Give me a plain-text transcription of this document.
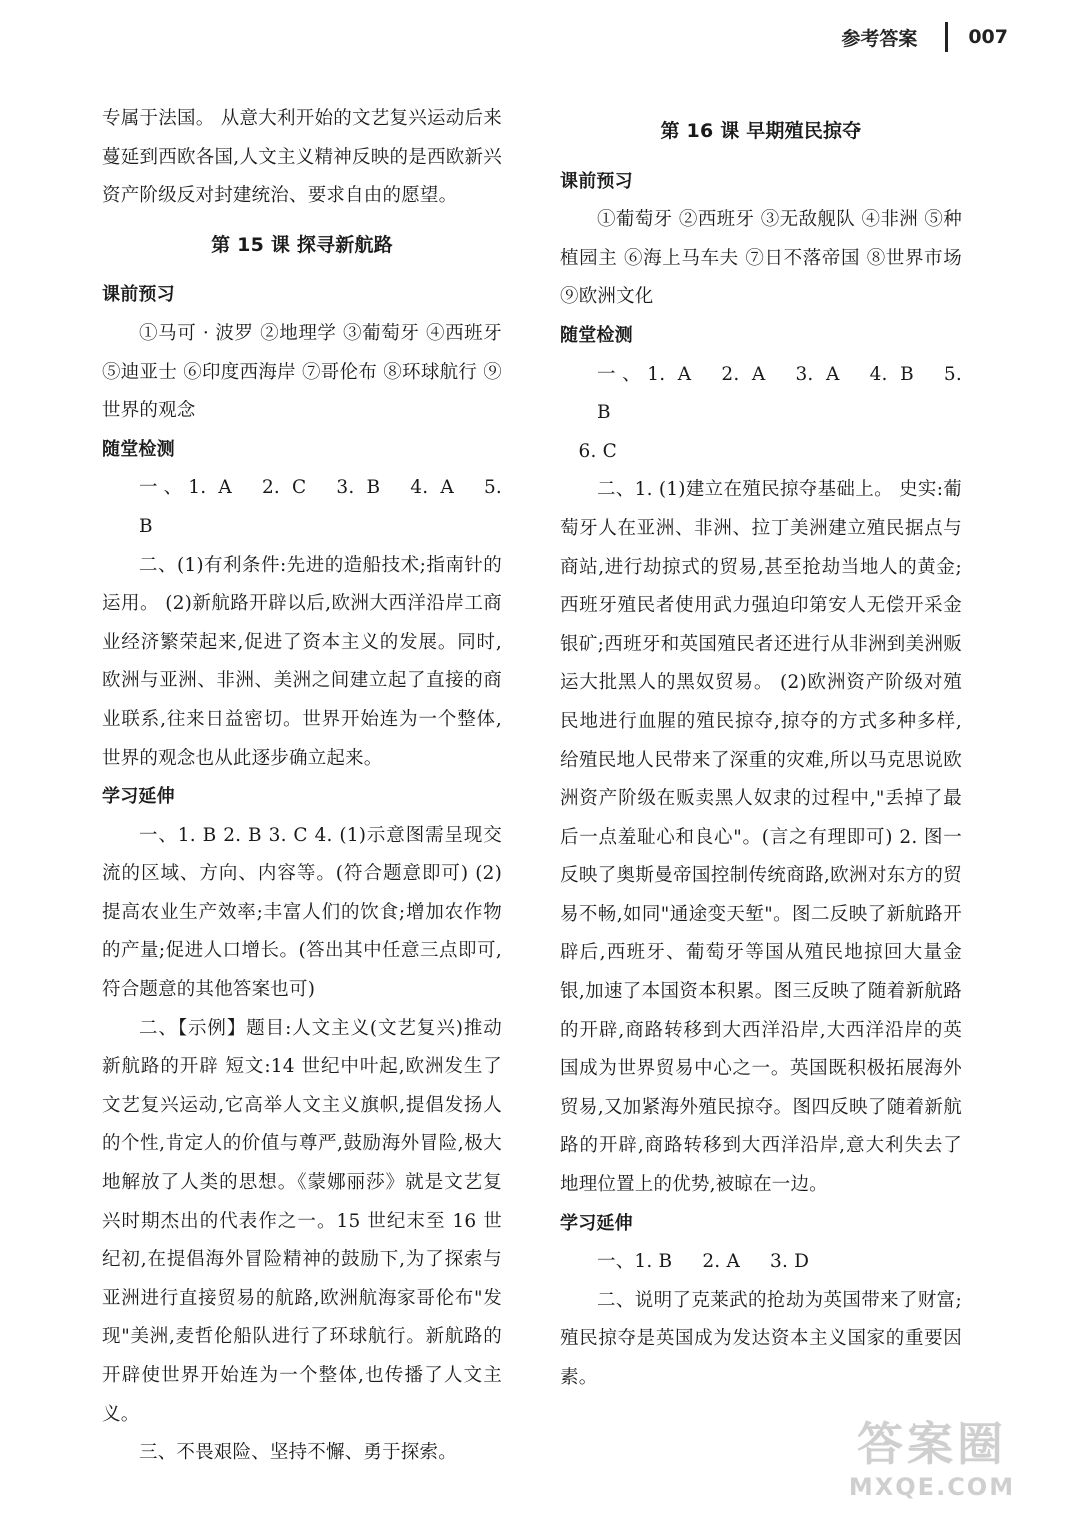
参考答案	007

专属于法国。 从意大利开始的文艺复兴运动后来蔓延到西欧各国,人文主义精神反映的是西欧新兴资产阶级反对封建统治、要求自由的愿望。

第 15 课 探寻新航路
课前预习

①马可 · 波罗 ②地理学 ③葡萄牙 ④西班牙 ⑤迪亚士 ⑥印度西海岸 ⑦哥伦布 ⑧环球航行 ⑨世界的观念

随堂检测

一、1. A 2. C 3. B 4. A 5. B

二、(1)有利条件:先进的造船技术;指南针的运用。 (2)新航路开辟以后,欧洲大西洋沿岸工商业经济繁荣起来,促进了资本主义的发展。同时,欧洲与亚洲、非洲、美洲之间建立起了直接的商业联系,往来日益密切。世界开始连为一个整体,世界的观念也从此逐步确立起来。

学习延伸

一、1. B 2. B 3. C 4. (1)示意图需呈现交流的区域、方向、内容等。(符合题意即可) (2)提高农业生产效率;丰富人们的饮食;增加农作物的产量;促进人口增长。(答出其中任意三点即可,符合题意的其他答案也可)

二、【示例】题目:人文主义(文艺复兴)推动新航路的开辟 短文:14 世纪中叶起,欧洲发生了文艺复兴运动,它高举人文主义旗帜,提倡发扬人的个性,肯定人的价值与尊严,鼓励海外冒险,极大地解放了人类的思想。《蒙娜丽莎》就是文艺复兴时期杰出的代表作之一。15 世纪末至 16 世纪初,在提倡海外冒险精神的鼓励下,为了探索与亚洲进行直接贸易的航路,欧洲航海家哥伦布"发现"美洲,麦哲伦船队进行了环球航行。新航路的开辟使世界开始连为一个整体,也传播了人文主义。

三、不畏艰险、坚持不懈、勇于探索。

第 16 课 早期殖民掠夺
课前预习

①葡萄牙 ②西班牙 ③无敌舰队 ④非洲 ⑤种植园主 ⑥海上马车夫 ⑦日不落帝国 ⑧世界市场 ⑨欧洲文化

随堂检测

一、1. A 2. A 3. A 4. B 5. B

6. C

二、1. (1)建立在殖民掠夺基础上。 史实:葡萄牙人在亚洲、非洲、拉丁美洲建立殖民据点与商站,进行劫掠式的贸易,甚至抢劫当地人的黄金;西班牙殖民者使用武力强迫印第安人无偿开采金银矿;西班牙和英国殖民者还进行从非洲到美洲贩运大批黑人的黑奴贸易。 (2)欧洲资产阶级对殖民地进行血腥的殖民掠夺,掠夺的方式多种多样,给殖民地人民带来了深重的灾难,所以马克思说欧洲资产阶级在贩卖黑人奴隶的过程中,"丢掉了最后一点羞耻心和良心"。(言之有理即可) 2. 图一反映了奥斯曼帝国控制传统商路,欧洲对东方的贸易不畅,如同"通途变天堑"。图二反映了新航路开辟后,西班牙、葡萄牙等国从殖民地掠回大量金银,加速了本国资本积累。图三反映了随着新航路的开辟,商路转移到大西洋沿岸,大西洋沿岸的英国成为世界贸易中心之一。英国既积极拓展海外贸易,又加紧海外殖民掠夺。图四反映了随着新航路的开辟,商路转移到大西洋沿岸,意大利失去了地理位置上的优势,被晾在一边。

学习延伸

一、1. B 2. A 3. D

二、说明了克莱武的抢劫为英国带来了财富;殖民掠夺是英国成为发达资本主义国家的重要因素。

答案圈
MXQE.COM
